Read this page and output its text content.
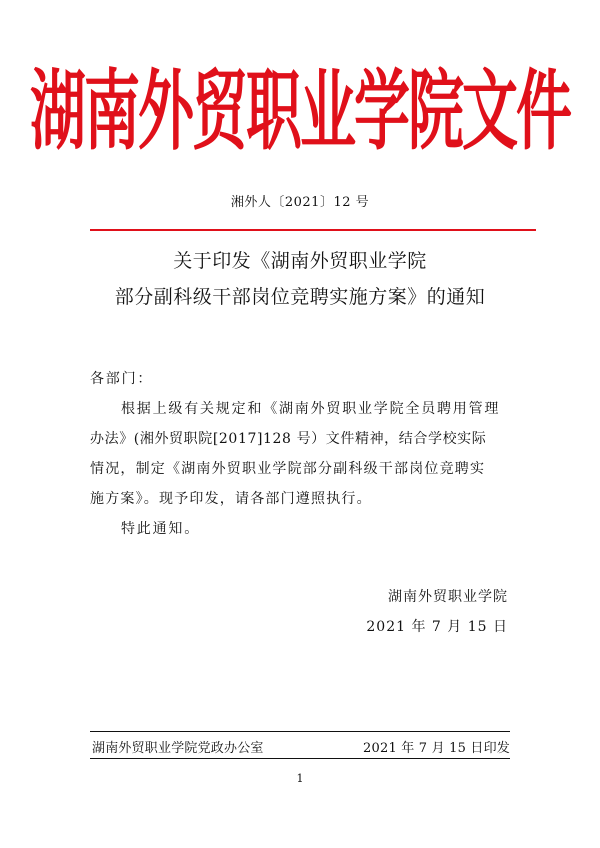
湖南外贸职业学院文件
湘外人〔2021〕12 号
关于印发《湖南外贸职业学院
部分副科级干部岗位竞聘实施方案》的通知
各部门：
根据上级有关规定和《湖南外贸职业学院全员聘用管理
办法》(湘外贸职院[2017]128 号）文件精神，结合学校实际
情况，制定《湖南外贸职业学院部分副科级干部岗位竞聘实
施方案》。现予印发，请各部门遵照执行。
特此通知。
湖南外贸职业学院
2021 年 7 月 15 日
湖南外贸职业学院党政办公室	2021 年 7 月 15 日印发
1
